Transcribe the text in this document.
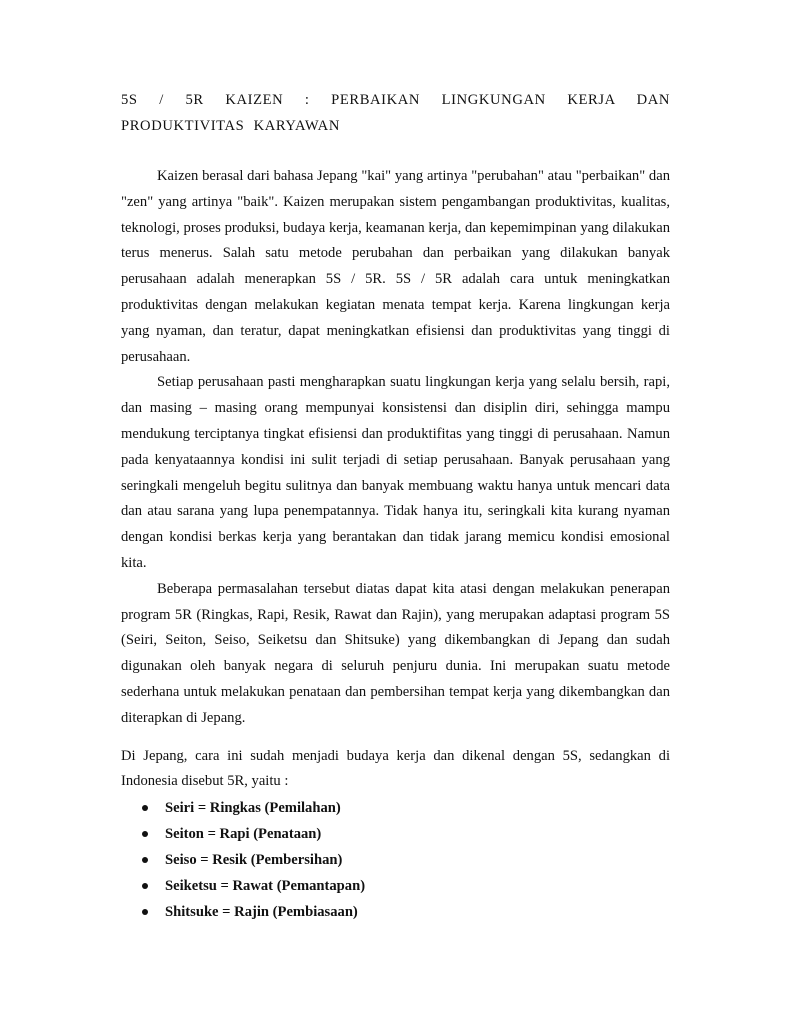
5S / 5R KAIZEN : PERBAIKAN LINGKUNGAN KERJA DAN PRODUKTIVITAS KARYAWAN

Kaizen berasal dari bahasa Jepang "kai" yang artinya "perubahan" atau "perbaikan" dan "zen" yang artinya "baik". Kaizen merupakan sistem pengambangan produktivitas, kualitas, teknologi, proses produksi, budaya kerja, keamanan kerja, dan kepemimpinan yang dilakukan terus menerus. Salah satu metode perubahan dan perbaikan yang dilakukan banyak perusahaan adalah menerapkan 5S / 5R. 5S / 5R adalah cara untuk meningkatkan produktivitas dengan melakukan kegiatan menata tempat kerja. Karena lingkungan kerja yang nyaman, dan teratur, dapat meningkatkan efisiensi dan produktivitas yang tinggi di perusahaan.

Setiap perusahaan pasti mengharapkan suatu lingkungan kerja yang selalu bersih, rapi, dan masing – masing orang mempunyai konsistensi dan disiplin diri, sehingga mampu mendukung terciptanya tingkat efisiensi dan produktifitas yang tinggi di perusahaan. Namun pada kenyataannya kondisi ini sulit terjadi di setiap perusahaan. Banyak perusahaan yang seringkali mengeluh begitu sulitnya dan banyak membuang waktu hanya untuk mencari data dan atau sarana yang lupa penempatannya. Tidak hanya itu, seringkali kita kurang nyaman dengan kondisi berkas kerja yang berantakan dan tidak jarang memicu kondisi emosional kita.

Beberapa permasalahan tersebut diatas dapat kita atasi dengan melakukan penerapan program 5R (Ringkas, Rapi, Resik, Rawat dan Rajin), yang merupakan adaptasi program 5S (Seiri, Seiton, Seiso, Seiketsu dan Shitsuke) yang dikembangkan di Jepang dan sudah digunakan oleh banyak negara di seluruh penjuru dunia. Ini merupakan suatu metode sederhana untuk melakukan penataan dan pembersihan tempat kerja yang dikembangkan dan diterapkan di Jepang.

Di Jepang, cara ini sudah menjadi budaya kerja dan dikenal dengan 5S, sedangkan di Indonesia disebut 5R, yaitu :

Seiri = Ringkas (Pemilahan)
Seiton = Rapi (Penataan)
Seiso = Resik (Pembersihan)
Seiketsu = Rawat (Pemantapan)
Shitsuke = Rajin (Pembiasaan)
